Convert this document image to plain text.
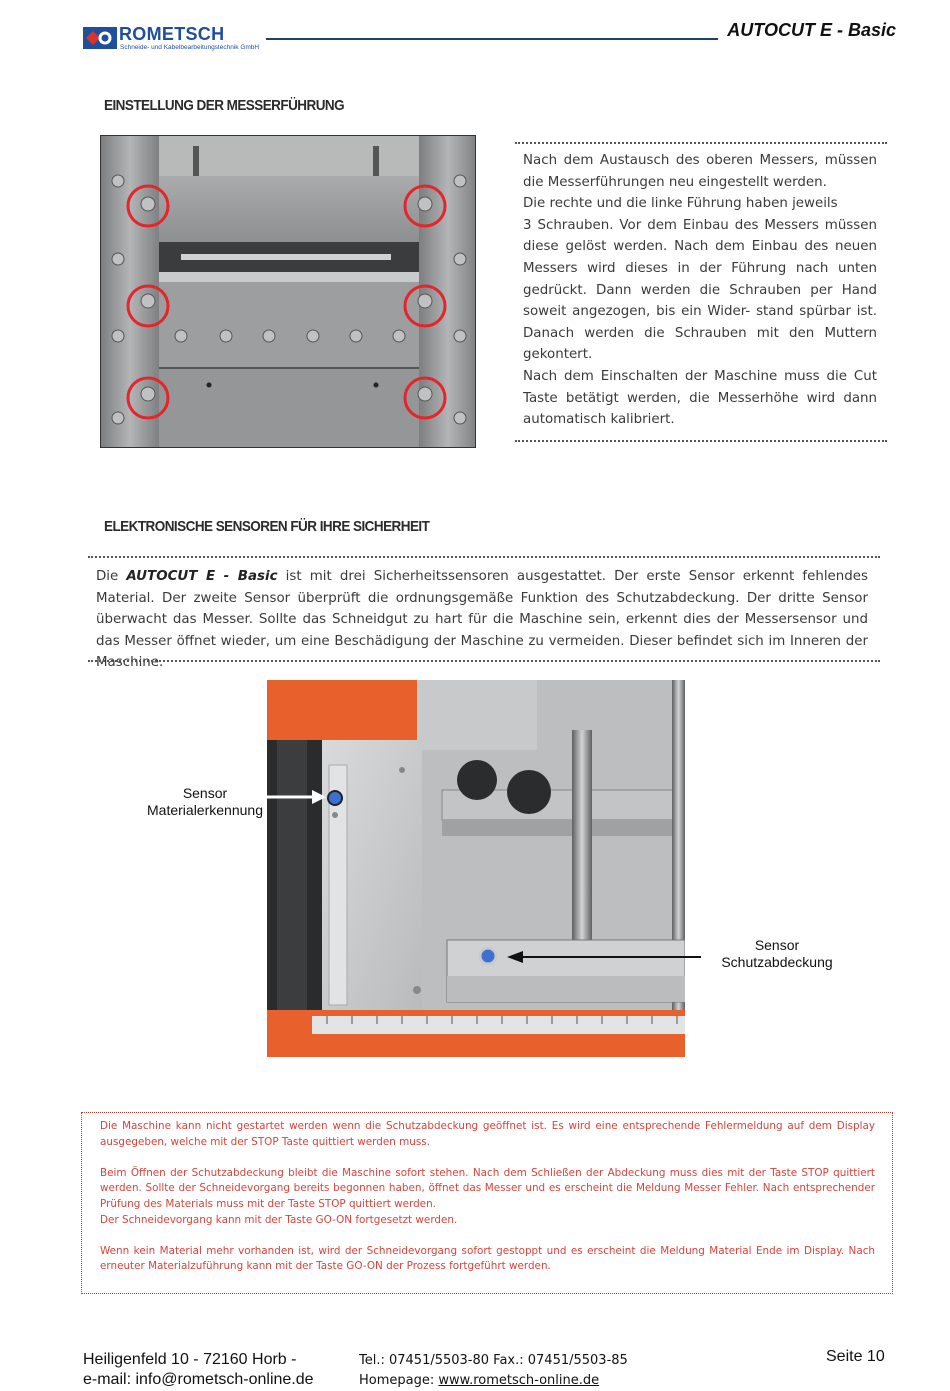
ROMETSCH
Schneide- und Kabelbearbeitungstechnik GmbH
AUTOCUT E - Basic
EINSTELLUNG DER MESSERFÜHRUNG
Nach dem Austausch des oberen Messers, müssen die Messerführungen neu eingestellt werden.
Die rechte und die linke Führung haben jeweils
3 Schrauben. Vor dem Einbau des Messers müssen diese gelöst werden. Nach dem Einbau des neuen Messers wird dieses in der Führung nach unten gedrückt. Dann werden die Schrauben per Hand soweit angezogen, bis ein Wider- stand spürbar ist. Danach werden die Schrauben mit den Muttern gekontert.
Nach dem Einschalten der Maschine muss die Cut Taste betätigt werden, die Messerhöhe wird dann automatisch kalibriert.
ELEKTRONISCHE SENSOREN FÜR IHRE SICHERHEIT
Die AUTOCUT E - Basic ist mit drei Sicherheitssensoren ausgestattet. Der erste Sensor erkennt fehlendes Material. Der zweite Sensor überprüft die ordnungsgemäße Funktion des Schutzabdeckung. Der dritte Sensor überwacht das Messer. Sollte das Schneidgut zu hart für die Maschine sein, erkennt dies der Messersensor und das Messer öffnet wieder, um eine Beschädigung der Maschine zu vermeiden. Dieser befindet sich im Inneren der Maschine.
Sensor
Materialerkennung
Sensor
Schutzabdeckung
Die Maschine kann nicht gestartet werden wenn die Schutzabdeckung geöffnet ist. Es wird eine entsprechende Fehlermeldung auf dem Display ausgegeben, welche mit der STOP Taste quittiert werden muss.
Beim Öffnen der Schutzabdeckung bleibt die Maschine sofort stehen. Nach dem Schließen der Abdeckung muss dies mit der Taste STOP quittiert werden. Sollte der Schneidevorgang bereits begonnen haben, öffnet das Messer und es erscheint die Meldung Messer Fehler. Nach entsprechender Prüfung des Materials muss mit der Taste STOP quittiert werden.
Der Schneidevorgang kann mit der Taste GO-ON fortgesetzt werden.
Wenn kein Material mehr vorhanden ist, wird der Schneidevorgang sofort gestoppt und es erscheint die Meldung Material Ende im Display. Nach erneuter Materialzuführung kann mit der Taste GO-ON der Prozess fortgeführt werden.
Heiligenfeld 10 - 72160 Horb -
e-mail: info@rometsch-online.de
Tel.: 07451/5503-80 Fax.: 07451/5503-85
Homepage: www.rometsch-online.de
Seite 10
